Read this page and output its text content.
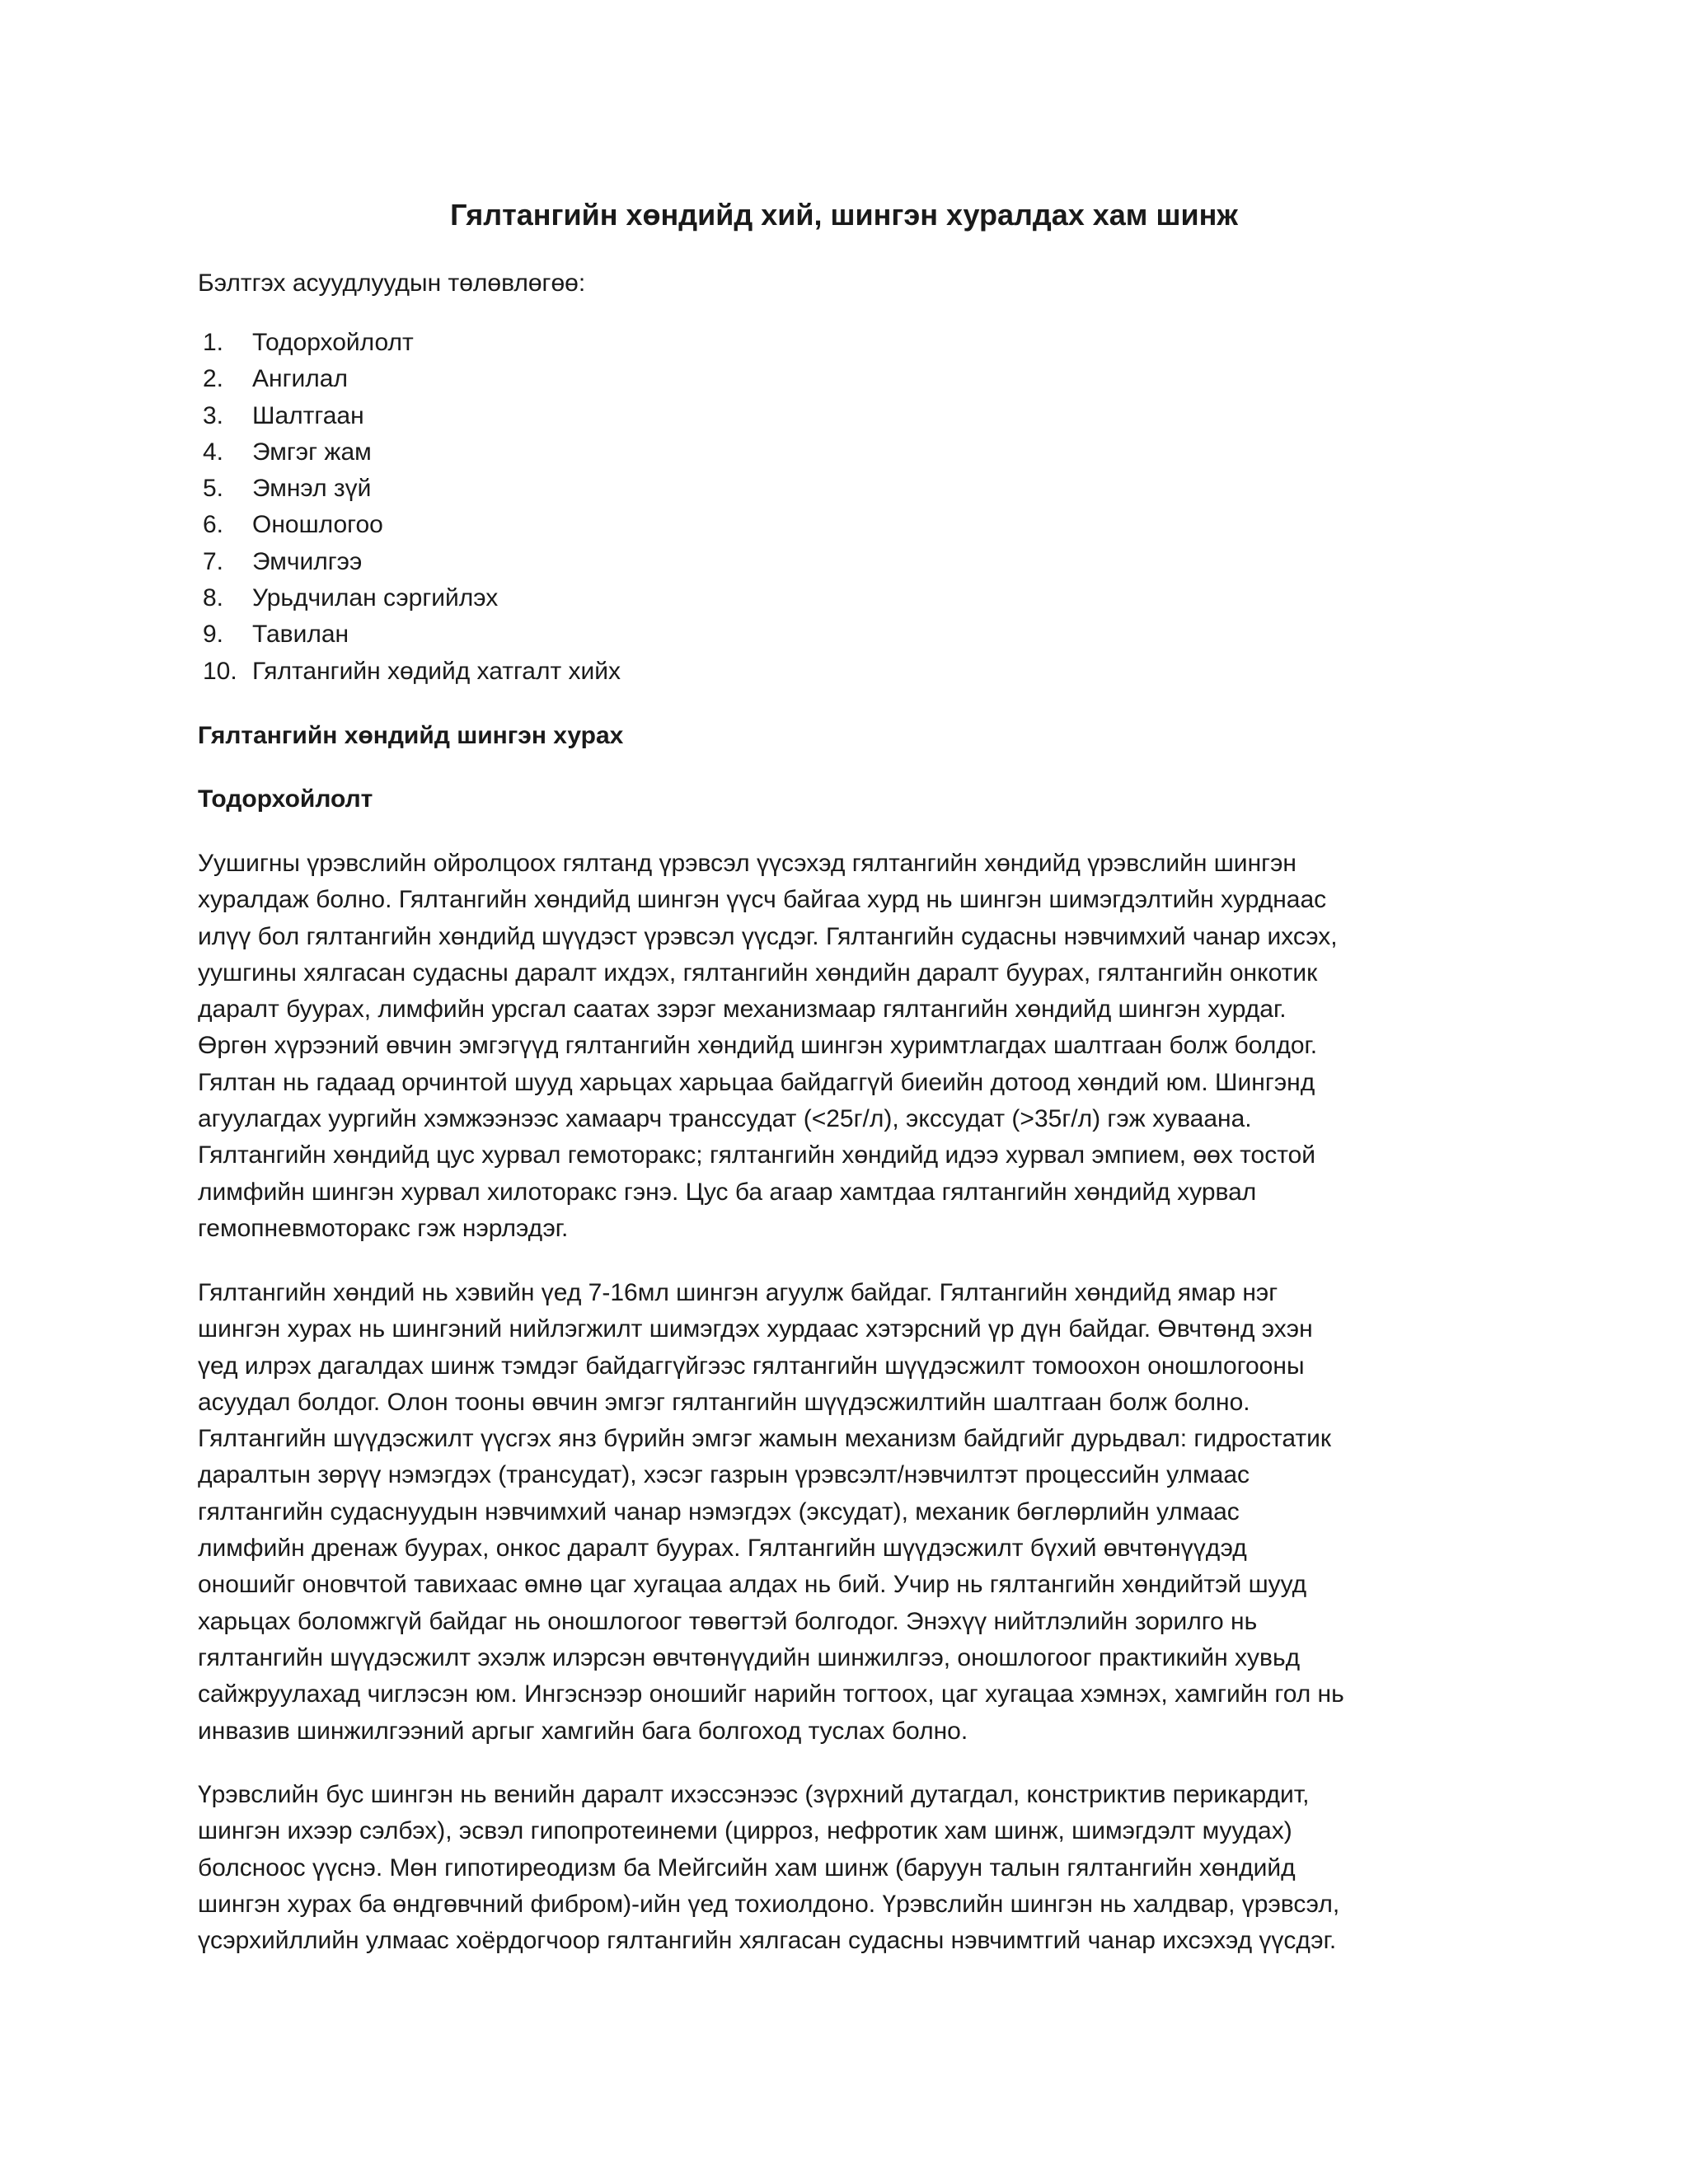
Гялтангийн хөндийд хий, шингэн хуралдах хам шинж

Бэлтгэх асуудлуудын төлөвлөгөө:

1.	Тодорхойлолт
2.	Ангилал
3.	Шалтгаан
4.	Эмгэг жам
5.	Эмнэл зүй
6.	Оношлогоо
7.	Эмчилгээ
8.	Урьдчилан сэргийлэх
9.	Тавилан
10. Гялтангийн хөдийд хатгалт хийх
Гялтангийн хөндийд шингэн хурах
Тодорхойлолт

Уушигны үрэвслийн ойролцоох гялтанд үрэвсэл үүсэхэд гялтангийн хөндийд үрэвслийн шингэн
хуралдаж болно. Гялтангийн хөндийд шингэн үүсч байгаа хурд нь шингэн шимэгдэлтийн хурднаас
илүү бол гялтангийн хөндийд шүүдэст үрэвсэл үүсдэг. Гялтангийн судасны нэвчимхий чанар ихсэх,
уушгины хялгасан судасны даралт ихдэх, гялтангийн хөндийн даралт буурах, гялтангийн онкотик
даралт буурах, лимфийн урсгал саатах зэрэг механизмаар гялтангийн хөндийд шингэн хурдаг.
Өргөн хүрээний өвчин эмгэгүүд гялтангийн хөндийд шингэн хуримтлагдах шалтгаан болж болдог.
Гялтан нь гадаад орчинтой шууд харьцах харьцаа байдаггүй биеийн дотоод хөндий юм. Шингэнд
агуулагдах уургийн хэмжээнээс хамаарч транссудат (<25г/л), экссудат (>35г/л) гэж хуваана.
Гялтангийн хөндийд цус хурвал гемоторакс; гялтангийн хөндийд идээ хурвал эмпием, өөх тостой
лимфийн шингэн хурвал хилоторакс гэнэ. Цус ба агаар хамтдаа гялтангийн хөндийд хурвал
гемопневмоторакс гэж нэрлэдэг.

Гялтангийн хөндий нь хэвийн үед 7-16мл шингэн агуулж байдаг. Гялтангийн хөндийд ямар нэг
шингэн хурах нь шингэний нийлэгжилт шимэгдэх хурдаас хэтэрсний үр дүн байдаг. Өвчтөнд эхэн
үед илрэх дагалдах шинж тэмдэг байдаггүйгээс гялтангийн шүүдэсжилт томоохон оношлогооны
асуудал болдог. Олон тооны өвчин эмгэг гялтангийн шүүдэсжилтийн шалтгаан болж болно.
Гялтангийн шүүдэсжилт үүсгэх янз бүрийн эмгэг жамын механизм байдгийг дурьдвал: гидростатик
даралтын зөрүү нэмэгдэх (трансудат), хэсэг газрын үрэвсэлт/нэвчилтэт процессийн улмаас
гялтангийн судаснуудын нэвчимхий чанар нэмэгдэх (эксудат), механик бөглөрлийн улмаас
лимфийн дренаж буурах, онкос даралт буурах. Гялтангийн шүүдэсжилт бүхий өвчтөнүүдэд
оношийг оновчтой тавихаас өмнө цаг хугацаа алдах нь бий. Учир нь гялтангийн хөндийтэй шууд
харьцах боломжгүй байдаг нь оношлогоог төвөгтэй болгодог. Энэхүү нийтлэлийн зорилго нь
гялтангийн шүүдэсжилт эхэлж илэрсэн өвчтөнүүдийн шинжилгээ, оношлогоог практикийн хувьд
сайжруулахад чиглэсэн юм. Ингэснээр оношийг нарийн тогтоох, цаг хугацаа хэмнэх, хамгийн гол нь
инвазив шинжилгээний аргыг хамгийн бага болгоход туслах болно.

Үрэвслийн бус шингэн нь венийн даралт ихэссэнээс (зүрхний дутагдал, констриктив перикардит,
шингэн ихээр сэлбэх), эсвэл гипопротеинеми (цирроз, нефротик хам шинж, шимэгдэлт муудах)
болсноос үүснэ. Мөн гипотиреодизм ба Мейгсийн хам шинж (баруун талын гялтангийн хөндийд
шингэн хурах ба өндгөвчний фибром)-ийн үед тохиолдоно. Үрэвслийн шингэн нь халдвар, үрэвсэл,
үсэрхийллийн улмаас хоёрдогчоор гялтангийн хялгасан судасны нэвчимтгий чанар ихсэхэд үүсдэг.
